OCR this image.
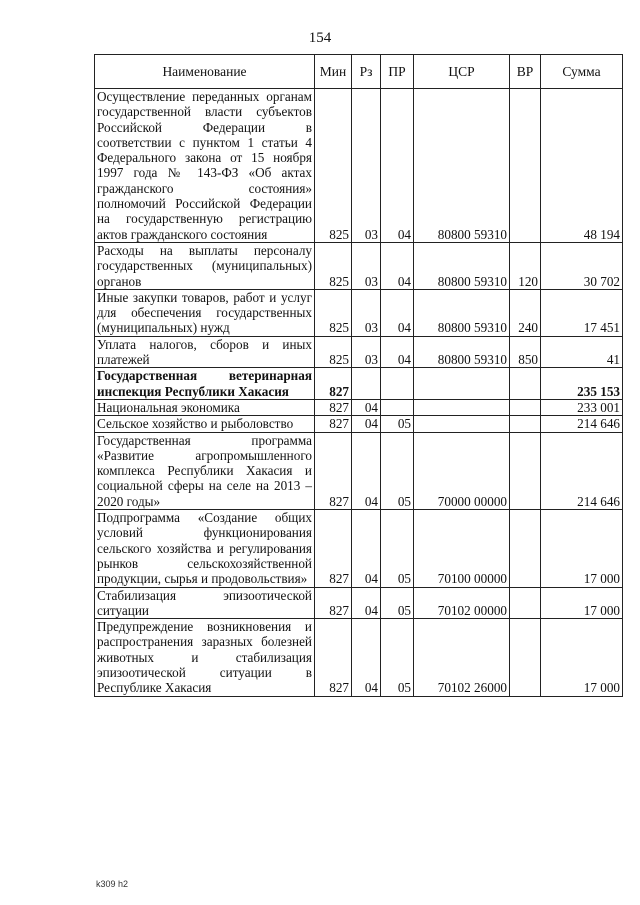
154
Наименование	Мин	Рз	ПР	ЦСР	ВР	Сумма
Осуществление переданных органам государственной власти субъектов Российской Федерации в соответствии с пунктом 1 статьи 4 Федерального закона от 15 ноября 1997 года № 143-ФЗ «Об актах гражданского состояния» полномочий Российской Федерации на государственную регистрацию актов гражданского состояния	825	03	04	80800 59310		48 194
Расходы на выплаты персоналу государственных (муниципальных) органов	825	03	04	80800 59310	120	30 702
Иные закупки товаров, работ и услуг для обеспечения государственных (муниципальных) нужд	825	03	04	80800 59310	240	17 451
Уплата налогов, сборов и иных платежей	825	03	04	80800 59310	850	41
Государственная ветеринарная инспекция Республики Хакасия	827					235 153
Национальная экономика	827	04				233 001
Сельское хозяйство и рыболовство	827	04	05			214 646
Государственная программа «Развитие агропромышленного комплекса Республики Хакасия и социальной сферы на селе на 2013 – 2020 годы»	827	04	05	70000 00000		214 646
Подпрограмма «Создание общих условий функционирования сельского хозяйства и регулирования рынков сельскохозяйственной продукции, сырья и продовольствия»	827	04	05	70100 00000		17 000
Стабилизация эпизоотической ситуации	827	04	05	70102 00000		17 000
Предупреждение возникновения и распространения заразных болезней животных и стабилизация эпизоотической ситуации в Республике Хакасия	827	04	05	70102 26000		17 000
k309 h2
